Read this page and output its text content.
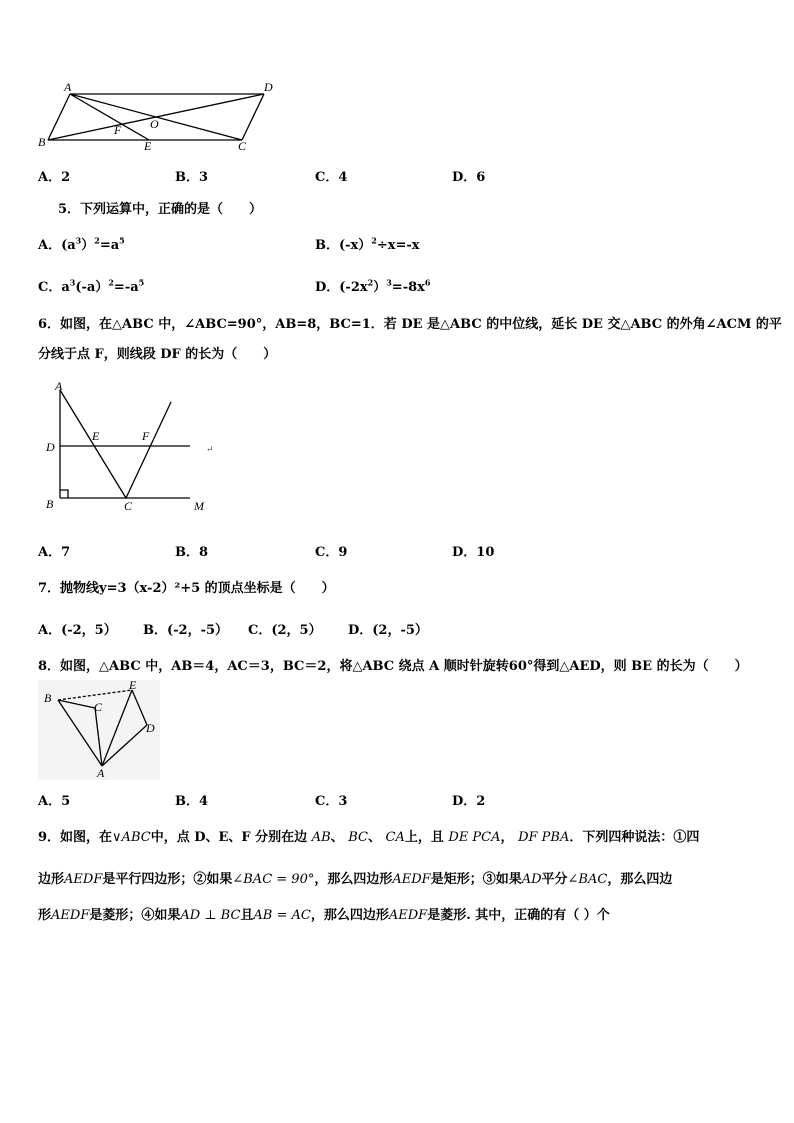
A	D
B
F O
E	C
A．2	B．3	C．4	D．6
5．下列运算中，正确的是（　　）
A．$(a^3)^2=a^5$	B．(-x）$^2$÷x=-x
C．$a^3(-a)^2=-a^5$	D．$(-2x^2)^3=-8x^6$
6．如图，在△ABC 中，∠ABC=90°，AB=8，BC=1．若 DE 是△ABC 的中位线，延长 DE 交△ABC 的外角∠ACM 的平
分线于点 F，则线段 DF 的长为（　　）
A
D
E	F
B	C	M
↵
A．7	B．8	C．9	D．10
7．抛物线y=3（x-2）²+5 的顶点坐标是（　　）
A．(-2，5） B．(-2，-5） C．(2，5） D．(2，-5）
8．如图，△ABC 中，AB＝4，AC＝3，BC＝2，将△ABC 绕点 A 顺时针旋转60°得到△AED，则 BE 的长为（　　）
B
E
C
D
A
A．5	B．4	C．3	D．2
9．如图，在∨ABC中，点 D、E、F 分别在边 AB、 BC、 CA上，且 DE PCA， DF PBA．下列四种说法：①四
边形AEDF是平行四边形；②如果∠BAC = 90°，那么四边形AEDF是矩形；③如果AD平分∠BAC，那么四边
形AEDF是菱形；④如果AD ⊥ BC且AB = AC，那么四边形AEDF是菱形. 其中，正确的有（ ）个
